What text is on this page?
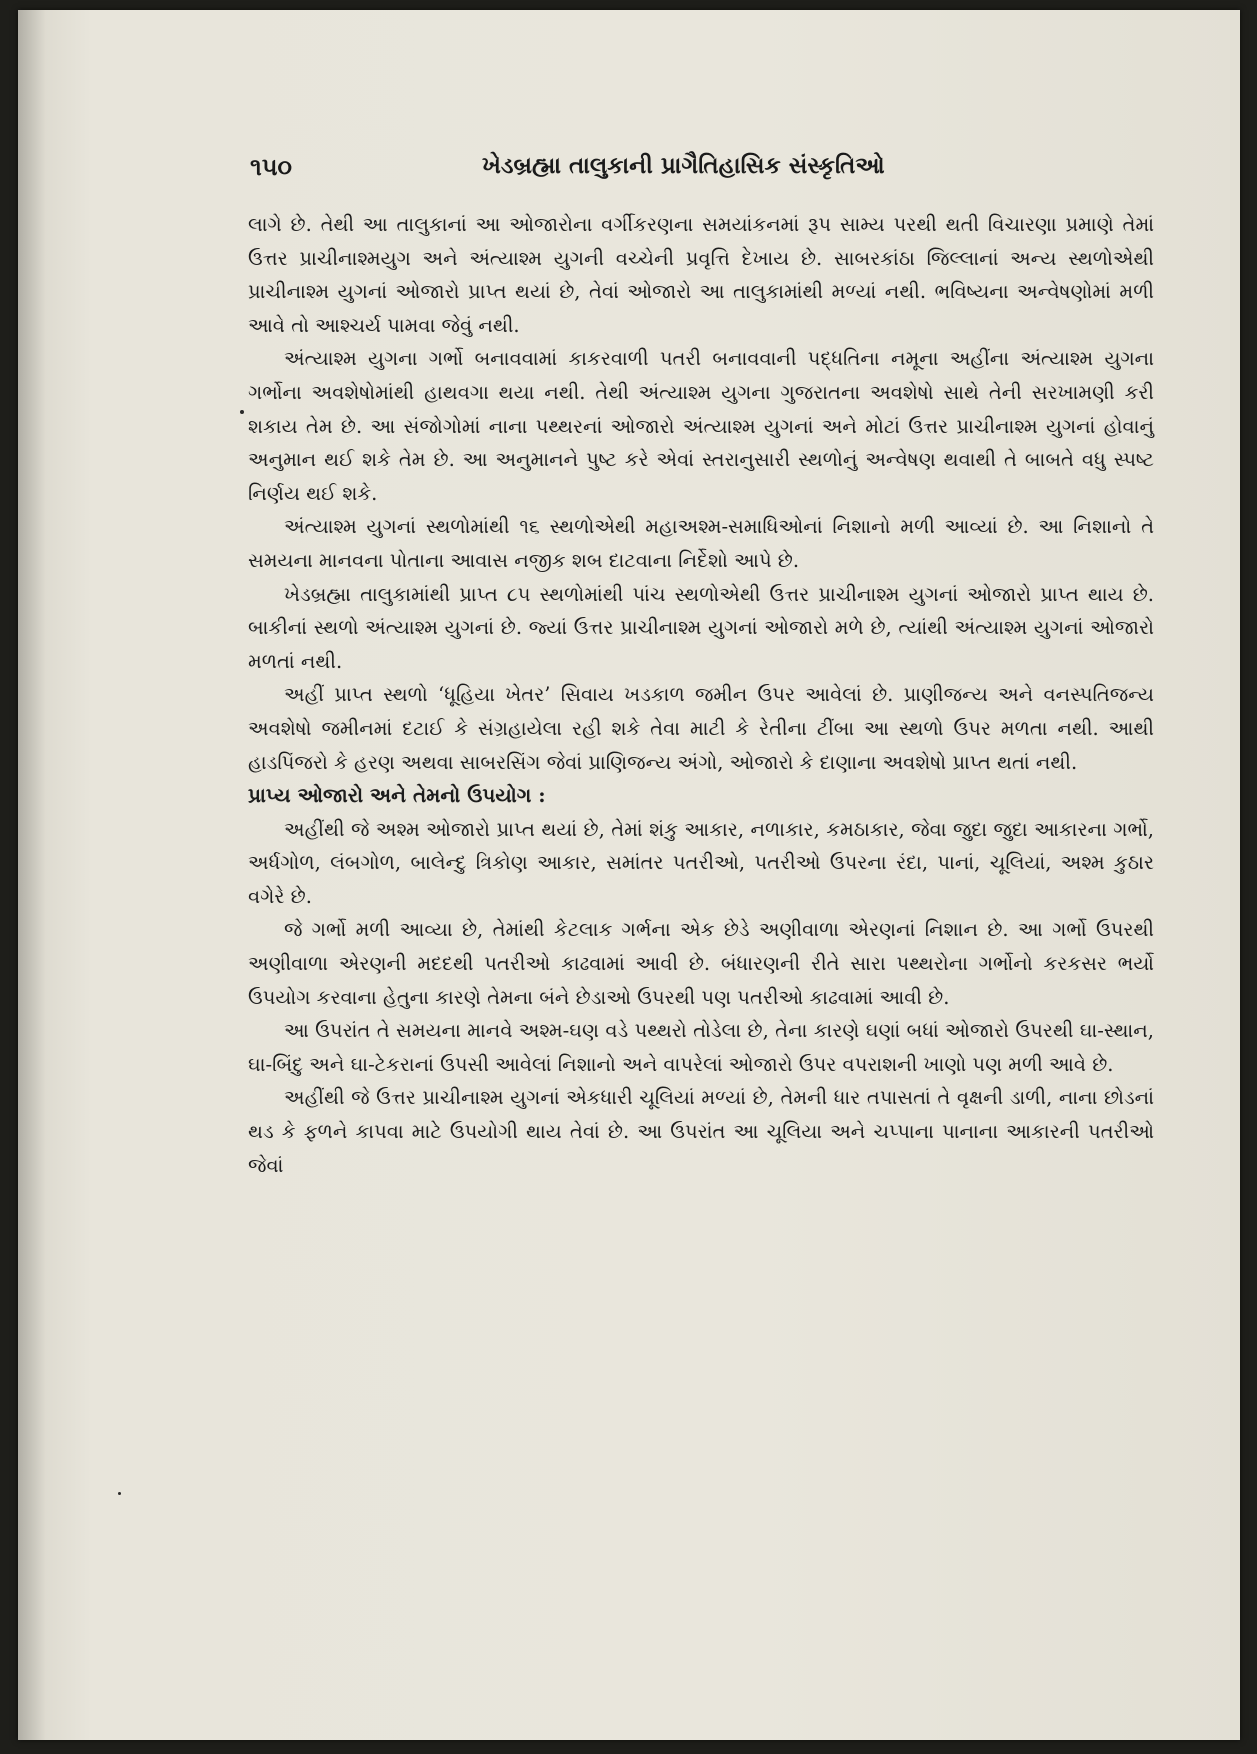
૧૫૦	ખેડબ્રહ્મા તાલુકાની પ્રાગૈતિહાસિક સંસ્કૃતિઓ

લાગે છે. તેથી આ તાલુકાનાં આ ઓજારોના વર્ગીકરણના સમયાંકનમાં રૂપ સામ્ય પરથી થતી વિચારણા પ્રમાણે તેમાં ઉત્તર પ્રાચીનાશ્મયુગ અને અંત્યાશ્મ યુગની વચ્ચેની પ્રવૃત્તિ દેખાય છે. સાબરકાંઠા જિલ્લાનાં અન્ય સ્થળોએથી પ્રાચીનાશ્મ યુગનાં ઓજારો પ્રાપ્ત થયાં છે, તેવાં ઓજારો આ તાલુકામાંથી મળ્યાં નથી. ભવિષ્યના અન્વેષણોમાં મળી આવે તો આશ્ચર્ય પામવા જેવું નથી.

અંત્યાશ્મ યુગના ગર્ભો બનાવવામાં કાકરવાળી પતરી બનાવવાની પદ્ધતિના નમૂના અહીંના અંત્યાશ્મ યુગના ગર્ભોના અવશેષોમાંથી હાથવગા થયા નથી. તેથી અંત્યાશ્મ યુગના ગુજરાતના અવશેષો સાથે તેની સરખામણી કરી શકાય તેમ છે. આ સંજોગોમાં નાના પથ્થરનાં ઓજારો અંત્યાશ્મ યુગનાં અને મોટાં ઉત્તર પ્રાચીનાશ્મ યુગનાં હોવાનું અનુમાન થઈ શકે તેમ છે. આ અનુમાનને પુષ્ટ કરે એવાં સ્તરાનુસારી સ્થળોનું અન્વેષણ થવાથી તે બાબતે વધુ સ્પષ્ટ નિર્ણય થઈ શકે.

અંત્યાશ્મ યુગનાં સ્થળોમાંથી ૧૬ સ્થળોએથી મહાઅશ્મ-સમાધિઓનાં નિશાનો મળી આવ્યાં છે. આ નિશાનો તે સમયના માનવના પોતાના આવાસ નજીક શબ દાટવાના નિર્દેશો આપે છે.

ખેડબ્રહ્મા તાલુકામાંથી પ્રાપ્ત ૮૫ સ્થળોમાંથી પાંચ સ્થળોએથી ઉત્તર પ્રાચીનાશ્મ યુગનાં ઓજારો પ્રાપ્ત થાય છે. બાકીનાં સ્થળો અંત્યાશ્મ યુગનાં છે. જ્યાં ઉત્તર પ્રાચીનાશ્મ યુગનાં ઓજારો મળે છે, ત્યાંથી અંત્યાશ્મ યુગનાં ઓજારો મળતાં નથી.

અહીં પ્રાપ્ત સ્થળો ‘ધૂહિયા ખેતર’ સિવાય ખડકાળ જમીન ઉપર આવેલાં છે. પ્રાણીજન્ય અને વનસ્પતિજન્ય અવશેષો જમીનમાં દટાઈ કે સંગ્રહાયેલા રહી શકે તેવા માટી કે રેતીના ટીંબા આ સ્થળો ઉપર મળતા નથી. આથી હાડપિંજરો કે હરણ અથવા સાબરસિંગ જેવાં પ્રાણિજન્ય અંગો, ઓજારો કે દાણાના અવશેષો પ્રાપ્ત થતાં નથી.

પ્રાપ્ય ઓજારો અને તેમનો ઉપયોગ :

અહીંથી જે અશ્મ ઓજારો પ્રાપ્ત થયાં છે, તેમાં શંકુ આકાર, નળાકાર, કમઠાકાર, જેવા જુદા જુદા આકારના ગર્ભો, અર્ધગોળ, લંબગોળ, બાલેન્દુ ત્રિકોણ આકાર, સમાંતર પતરીઓ, પતરીઓ ઉપરના રંદા, પાનાં, ચૂલિયાં, અશ્મ કુઠાર વગેરે છે.

જે ગર્ભો મળી આવ્યા છે, તેમાંથી કેટલાક ગર્ભના એક છેડે અણીવાળા એરણનાં નિશાન છે. આ ગર્ભો ઉપરથી અણીવાળા એરણની મદદથી પતરીઓ કાઢવામાં આવી છે. બંધારણની રીતે સારા પથ્થરોના ગર્ભોનો કરકસર ભર્યો ઉપયોગ કરવાના હેતુના કારણે તેમના બંને છેડાઓ ઉપરથી પણ પતરીઓ કાઢવામાં આવી છે.

આ ઉપરાંત તે સમયના માનવે અશ્મ-ઘણ વડે પથ્થરો તોડેલા છે, તેના કારણે ઘણાં બધાં ઓજારો ઉપરથી ઘા-સ્થાન, ઘા-બિંદુ અને ઘા-ટેકરાનાં ઉપસી આવેલાં નિશાનો અને વાપરેલાં ઓજારો ઉપર વપરાશની ખાણો પણ મળી આવે છે.

અહીંથી જે ઉત્તર પ્રાચીનાશ્મ યુગનાં એકધારી ચૂલિયાં મળ્યાં છે, તેમની ધાર તપાસતાં તે વૃક્ષની ડાળી, નાના છોડનાં થડ કે ફળને કાપવા માટે ઉપયોગી થાય તેવાં છે. આ ઉપરાંત આ ચૂલિયા અને ચપ્પાના પાનાના આકારની પતરીઓ જેવાં
